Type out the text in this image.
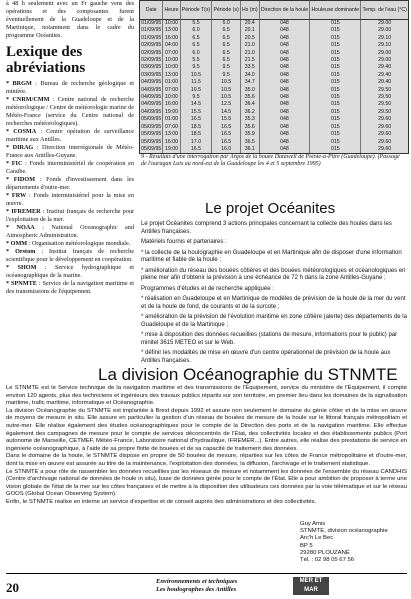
à 48 h seulement avec un Fr gauche vens des opérations et des composantes furent éventuellement de la Guadeloupe et de la Martinique, notamment dans le cadre du programme Océanites.

Lexique des abréviations

* BRGM : Bureau de recherche géologique et minière.

* CNRM/CMM : Centre national de recherche météorologique / Centre de météorologie marine de Météo-France (service du Centre national de recherches météorologiques).

* COSMA : Centre opération de surveillance maritime aux Antilles.

* DIRAG : Direction interrégionale de Météo-France aux Antilles-Guyane.

* FIC : Fonds interministériel de coopération en Caraïbe.

* FIDOM : Fonds d'investissement dans les départements d'outre-mer.

* FRW : Fonds interministériel pour la mise en œuvre.

* IFREMER : Institut français de recherche pour l'exploitation de la mer.

* NOAA : National Oceanographic and Atmospheric Administration.

* OMM : Organisation météorologique mondiale.

* Orstom : Institut français de recherche scientifique pour le développement en coopération.

* SHOM : Service hydrographique et océanographique de la marine.

* SPNMTE : Service de la navigation maritime et des transmissions de l'équipement.

Date	Heure	Période T(s)	Période (s)	Hs (m)	Direction de la houle	Houleuse dominante	Temp. de l'eau (°C)
01/09/95	10:00	5.5	6.0	20.4	048	015	29.00
01/09/95	13:00	6.0	6.5	20.1	048	015	29.00
01/09/95	16:00	6.5	6.5	20.5	048	015	29.10
02/09/95	04:00	6.5	6.5	21.0	048	015	29.10
02/09/95	07:00	6.0	6.5	21.0	048	015	29.00
02/09/95	10:00	5.5	6.5	21.5	048	015	29.00
03/09/95	10:00	9.5	9.5	33.5	048	015	29.40
03/09/95	13:00	10.5	9.5	34.0	048	015	29.40
04/09/95	01:00	11.5	10.5	34.7	048	015	29.40
04/09/95	07:00	10.5	10.5	35.0	048	015	29.50
04/09/95	10:00	9.5	10.5	35.6	048	015	29.50
04/09/95	16:00	14.5	12.5	36.4	048	015	29.50
04/09/95	19:00	15.5	14.5	36.2	048	015	29.50
05/09/95	01:00	16.5	15.5	35.3	048	015	29.60
05/09/95	07:00	18.5	16.5	35.6	048	015	29.60
05/09/95	13:00	18.5	16.5	35.9	048	015	29.60
05/09/95	16:00	17.0	16.5	36.5	048	015	29.60
05/09/95	19:00	16.5	16.0	36.1	048	015	29.60
9 - Résultats d'une interrogation par Argos de la bouée Datawell de Pointe-à-Pitre (Guadeloupe). (Passage de l'ouragan Luis au nord-est de la Guadeloupe les 4 et 5 septembre 1995)
Le projet Océanites

Le projet Océanites comprend 3 actions principales concernant la collecte des houles dans les Antilles françaises.

Matériels fournis et partenaires :

* la collecte de la houlographie en Guadeloupe et en Martinique afin de disposer d'une information maritime et fiable de la houle ;

* amélioration du réseau des bouées côtières et des bouées météorologiques et océanologiques en pleine mer afin d'obtenir la prévision à une échéance de 72 h dans la zone Antilles-Guyane ;

Programmes d'études et de recherche appliquée :

* réalisation en Guadeloupe et en Martinique de modèles de prévision de la houle de la mer du vent et de la houle de fond, de courants et de la surcote ;

* amélioration de la prévision de l'évolution maritime en zone côtière (alerte) des départements de la Guadeloupe et de la Martinique ;

* mise à disposition des données recueillies (stations de mesure, informations pour le public) par minitel 3615 METEO et sur le Web.

* définir les modalités de mise en œuvre d'un centre opérationnel de prévision de la houle aux Antilles françaises.

La division Océanographie du STNMTE

Le STNMTE est le Service technique de la navigation maritime et des transmissions de l'Équipement, service du ministère de l'Équipement, il compte environ 120 agents, plus des techniciens et ingénieurs des travaux publics répartis sur son territoire, en premier lieu dans les domaines de la signalisation maritime, trafic maritime, informatique et Océanographie.

La division Océanographie du STNMTE est implantée à Brest depuis 1992 et assure non seulement le domaine du génie côtier et de la mise en œuvre de moyens de mesure in situ. Elle assure en particulier la gestion d'un réseau de bouées de mesure de la houle sur le littoral français métropolitain et outre-mer. Elle réalise également des études océanographiques pour le compte de la Direction des ports et de la navigation maritime. Elle effectue également des campagnes de mesure pour le compte de services déconcentrés de l'État, des collectivités locales et des établissements publics (Port autonome de Marseille, CETMEF, Météo-France, Laboratoire national d'hydraulique, IFREMER...). Entre autres, elle réalise des prestations de service en ingénierie océanographique, à l'aide de sa propre flotte de bouées et de sa capacité de traitement des données.

Dans le domaine de la houle, le STNMTE dispose en propre de 50 bouées de mesure, réparties sur les côtes de France métropolitaine et d'outre-mer, dont la mise en œuvre est assurée au titre de la maintenance, l'exploitation des données, la diffusion, l'archivage et le traitement statistique.

Le STNMTE a pour rôle de rassembler les données recueillies par les réseaux de mesure et notamment les données de l'ensemble du réseau CANDHIS (Centre d'archivage national de données de houle in situ), base de données gérée pour le compte de l'État. Elle a pour ambition de proposer à terme une vision globale de l'état de la mer sur les côtes françaises et de mettre à la disposition des utilisateurs ces données par la voie télématique et sur le réseau GOOS (Global Ocean Observing System).

Enfin, le STNMTE réalise en interne un service d'expertise et de conseil auprès des administrations et des collectivités.

Guy Amis
STNMTE, division océanographie
Arc'h Le Bec
BP 5
29280 PLOUZANÉ
Tél. : 02 98 05 67 56
20	Environnements et techniques
Les houlographes des Antilles
MER ET
MAR
